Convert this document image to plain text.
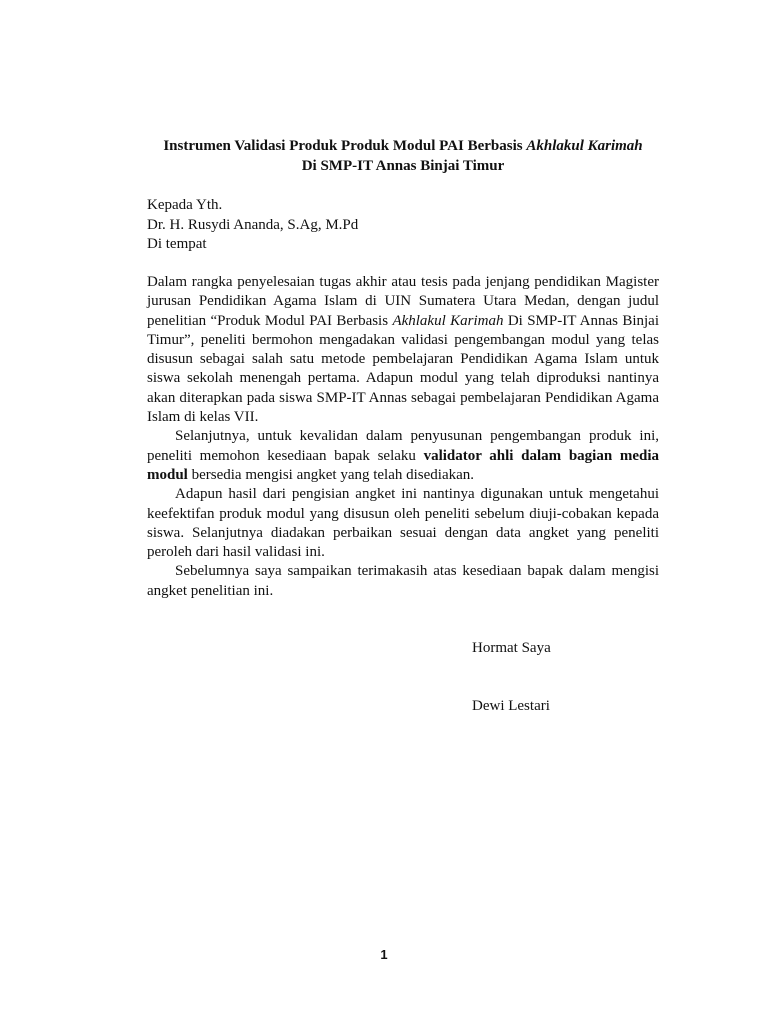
Instrumen Validasi Produk Produk Modul PAI Berbasis Akhlakul Karimah
Di SMP-IT Annas Binjai Timur
Kepada Yth.
Dr. H. Rusydi Ananda, S.Ag, M.Pd
Di tempat

Dalam rangka penyelesaian tugas akhir atau tesis pada jenjang pendidikan Magister jurusan Pendidikan Agama Islam di UIN Sumatera Utara Medan, dengan judul penelitian “Produk Modul PAI Berbasis Akhlakul Karimah Di SMP-IT Annas Binjai Timur”, peneliti bermohon mengadakan validasi pengembangan modul yang telas disusun sebagai salah satu metode pembelajaran Pendidikan Agama Islam untuk siswa sekolah menengah pertama. Adapun modul yang telah diproduksi nantinya akan diterapkan pada siswa SMP-IT Annas sebagai pembelajaran Pendidikan Agama Islam di kelas VII.

Selanjutnya, untuk kevalidan dalam penyusunan pengembangan produk ini, peneliti memohon kesediaan bapak selaku validator ahli dalam bagian media modul bersedia mengisi angket yang telah disediakan.

Adapun hasil dari pengisian angket ini nantinya digunakan untuk mengetahui keefektifan produk modul yang disusun oleh peneliti sebelum diuji-cobakan kepada siswa. Selanjutnya diadakan perbaikan sesuai dengan data angket yang peneliti peroleh dari hasil validasi ini.

Sebelumnya saya sampaikan terimakasih atas kesediaan bapak dalam mengisi angket penelitian ini.

Hormat Saya
Dewi Lestari
1
